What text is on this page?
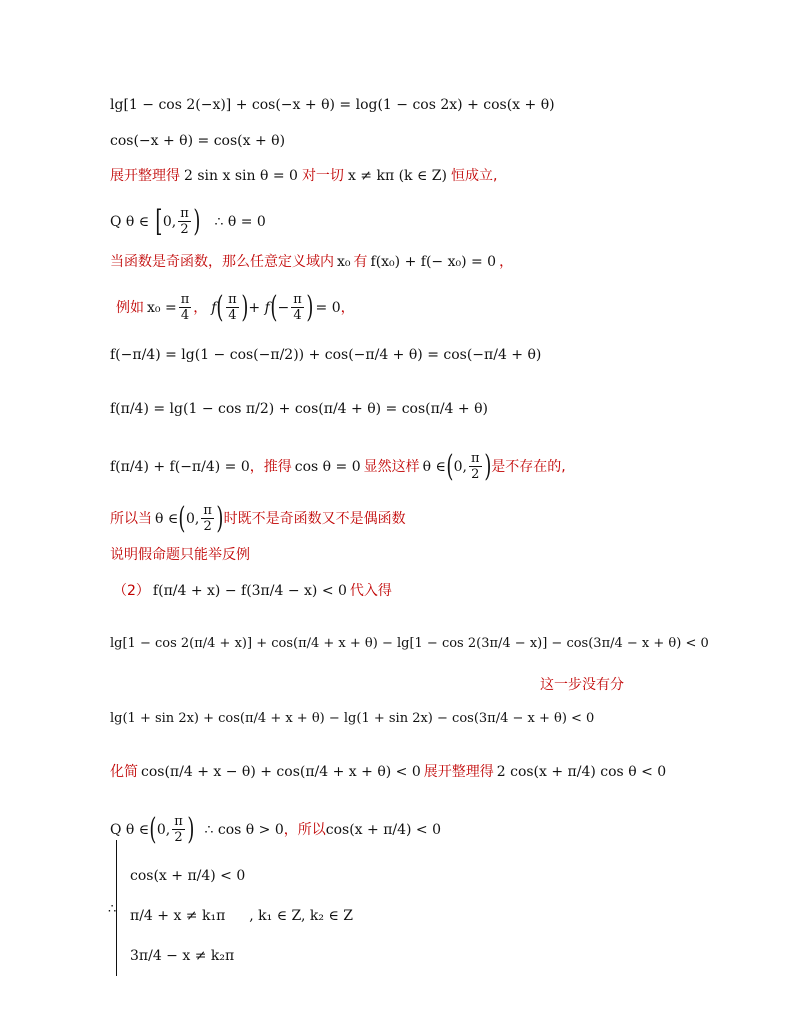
lg[1 − cos 2(−x)] + cos(−x + θ) = log(1 − cos 2x) + cos(x + θ)
cos(−x + θ) = cos(x + θ)
展开整理得 2 sin x sin θ = 0 对一切 x ≠ kπ (k ∈ Z) 恒成立,
Q θ ∈ [ 0, $\frac{\pi}{2}$ ) ∴ θ = 0
当函数是奇函数，那么任意定义域内 x₀ 有 f(x₀) + f(− x₀) = 0 ，
例如 $x_0 = \frac{\pi}{4}$ ， f ( $\frac{\pi}{4}$ ) + f ( − $\frac{\pi}{4}$ ) = 0 ，
f(−π/4) = lg(1 − cos(−π/2)) + cos(−π/4 + θ) = cos(−π/4 + θ)
f(π/4) = lg(1 − cos π/2) + cos(π/4 + θ) = cos(π/4 + θ)
f(π/4) + f(−π/4) = 0 ，推得 cos θ = 0 显然这样 θ ∈ ( 0, $\frac{\pi}{2}$ ) 是不存在的,
所以当 θ ∈ ( 0, $\frac{\pi}{2}$ ) 时既不是奇函数又不是偶函数
说明假命题只能举反例
（2） f(π/4 + x) − f(3π/4 − x) < 0 代入得
lg[1 − cos 2(π/4 + x)] + cos(π/4 + x + θ) − lg[1 − cos 2(3π/4 − x)] − cos(3π/4 − x + θ) < 0
这一步没有分
lg(1 + sin 2x) + cos(π/4 + x + θ) − lg(1 + sin 2x) − cos(3π/4 − x + θ) < 0
化简 cos(π/4 + x − θ) + cos(π/4 + x + θ) < 0 展开整理得 2 cos(x + π/4) cos θ < 0
Q θ ∈ ( 0, $\frac{\pi}{2}$ ) ∴ cos θ > 0 ，所以 cos(x + π/4) < 0
∴
cos(x + π/4) < 0
π/4 + x ≠ k₁π , k₁ ∈ Z, k₂ ∈ Z
3π/4 − x ≠ k₂π
